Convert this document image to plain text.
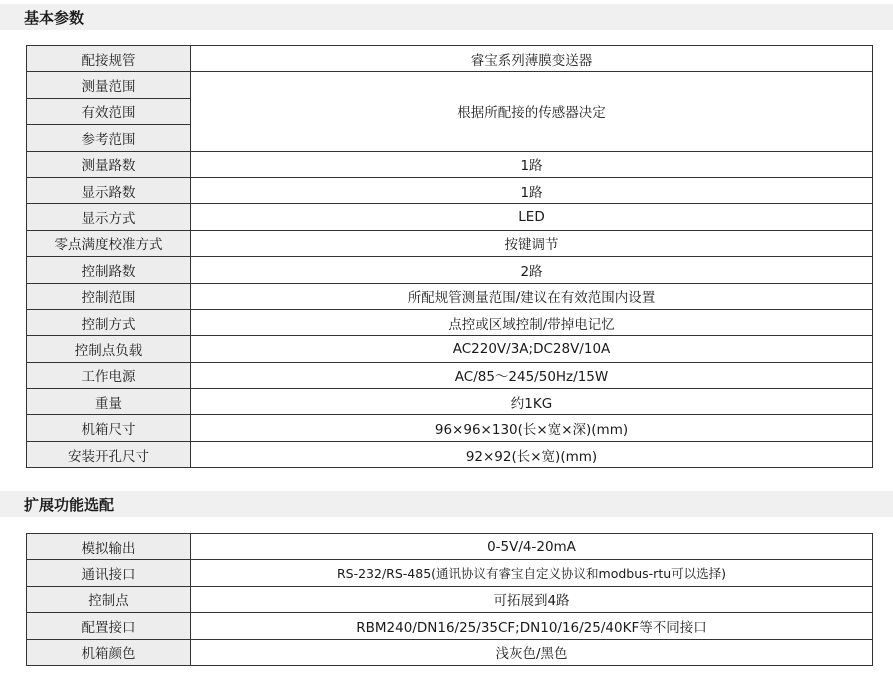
基本参数
配接规管	睿宝系列薄膜变送器
测量范围	根据所配接的传感器决定
有效范围	
参考范围	
测量路数	1路
显示路数	1路
显示方式	LED
零点满度校准方式	按键调节
控制路数	2路
控制范围	所配规管测量范围/建议在有效范围内设置
控制方式	点控或区域控制/带掉电记忆
控制点负载	AC220V/3A;DC28V/10A
工作电源	AC/85～245/50Hz/15W
重量	约1KG
机箱尺寸	96×96×130(长×宽×深)(mm)
安装开孔尺寸	92×92(长×宽)(mm)
扩展功能选配
模拟输出	0-5V/4-20mA
通讯接口	RS-232/RS-485(通讯协议有睿宝自定义协议和modbus-rtu可以选择)
控制点	可拓展到4路
配置接口	RBM240/DN16/25/35CF;DN10/16/25/40KF等不同接口
机箱颜色	浅灰色/黑色
